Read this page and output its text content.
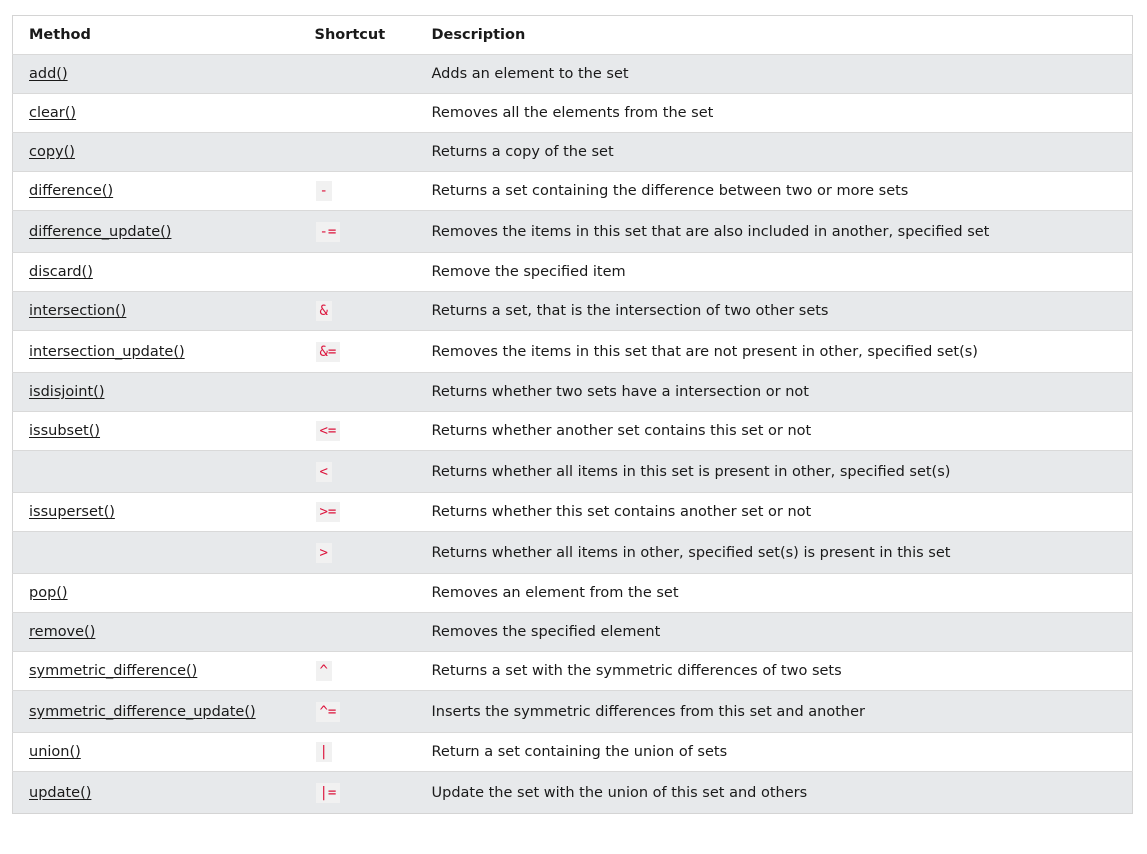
Method	Shortcut	Description
add()		Adds an element to the set
clear()		Removes all the elements from the set
copy()		Returns a copy of the set
difference()	-	Returns a set containing the difference between two or more sets
difference_update()	-=	Removes the items in this set that are also included in another, specified set
discard()		Remove the specified item
intersection()	&	Returns a set, that is the intersection of two other sets
intersection_update()	&=	Removes the items in this set that are not present in other, specified set(s)
isdisjoint()		Returns whether two sets have a intersection or not
issubset()	<=	Returns whether another set contains this set or not
	<	Returns whether all items in this set is present in other, specified set(s)
issuperset()	>=	Returns whether this set contains another set or not
	>	Returns whether all items in other, specified set(s) is present in this set
pop()		Removes an element from the set
remove()		Removes the specified element
symmetric_difference()	^	Returns a set with the symmetric differences of two sets
symmetric_difference_update()	^=	Inserts the symmetric differences from this set and another
union()	|	Return a set containing the union of sets
update()	|=	Update the set with the union of this set and others
